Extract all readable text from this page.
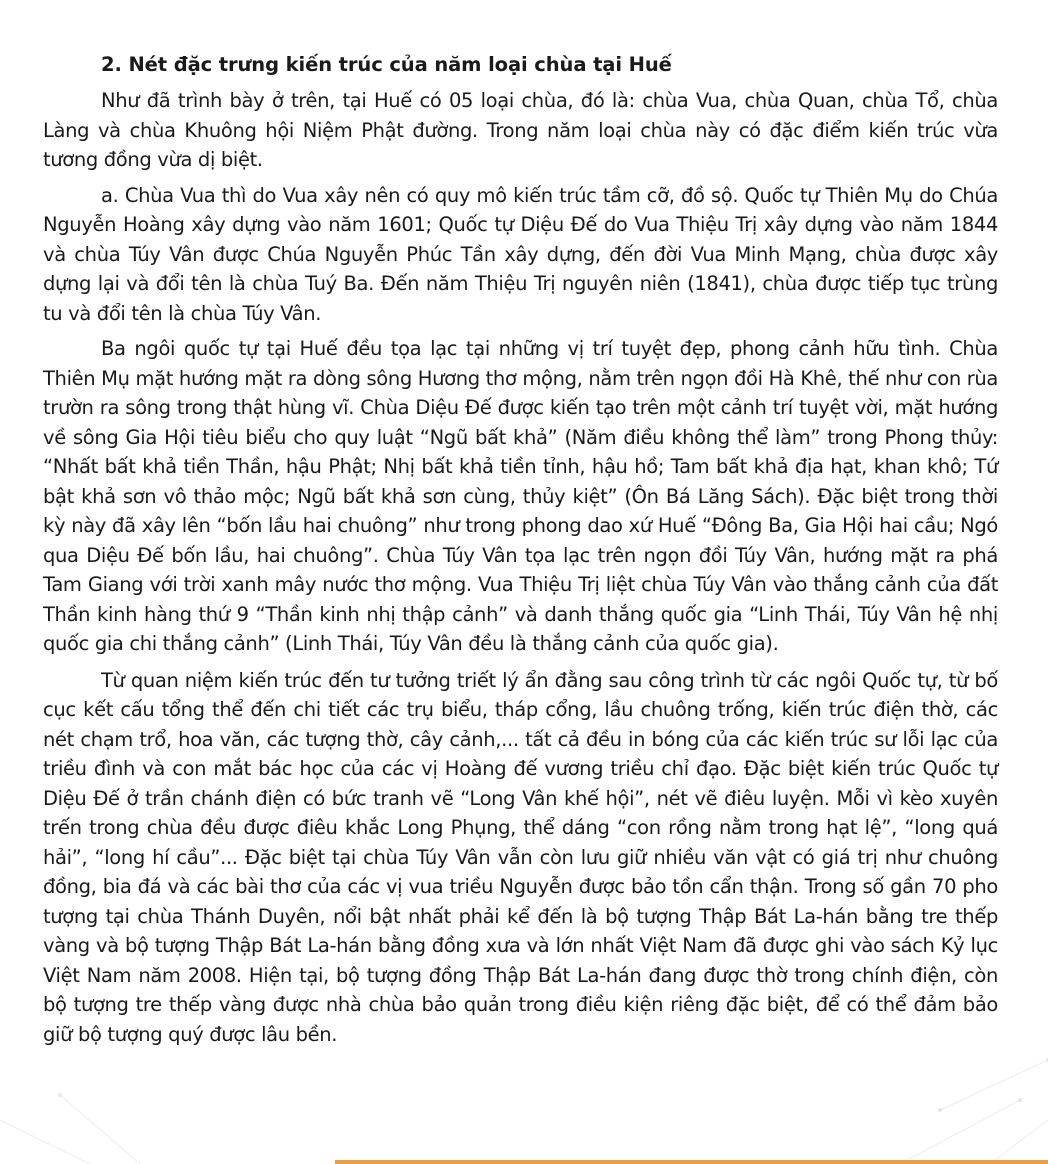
2. Nét đặc trưng kiến trúc của năm loại chùa tại Huế

Như đã trình bày ở trên, tại Huế có 05 loại chùa, đó là: chùa Vua, chùa Quan, chùa Tổ, chùa Làng và chùa Khuông hội Niệm Phật đường. Trong năm loại chùa này có đặc điểm kiến trúc vừa tương đồng vừa dị biệt.

a. Chùa Vua thì do Vua xây nên có quy mô kiến trúc tầm cỡ, đồ sộ. Quốc tự Thiên Mụ do Chúa Nguyễn Hoàng xây dựng vào năm 1601; Quốc tự Diệu Đế do Vua Thiệu Trị xây dựng vào năm 1844 và chùa Túy Vân được Chúa Nguyễn Phúc Tần xây dựng, đến đời Vua Minh Mạng, chùa được xây dựng lại và đổi tên là chùa Tuý Ba. Đến năm Thiệu Trị nguyên niên (1841), chùa được tiếp tục trùng tu và đổi tên là chùa Túy Vân.

Ba ngôi quốc tự tại Huế đều tọa lạc tại những vị trí tuyệt đẹp, phong cảnh hữu tình. Chùa Thiên Mụ mặt hướng mặt ra dòng sông Hương thơ mộng, nằm trên ngọn đồi Hà Khê, thế như con rùa trườn ra sông trong thật hùng vĩ. Chùa Diệu Đế được kiến tạo trên một cảnh trí tuyệt vời, mặt hướng về sông Gia Hội tiêu biểu cho quy luật “Ngũ bất khả” (Năm điều không thể làm” trong Phong thủy: “Nhất bất khả tiền Thần, hậu Phật; Nhị bất khả tiền tỉnh, hậu hồ; Tam bất khả địa hạt, khan khô; Tứ bật khả sơn vô thảo mộc; Ngũ bất khả sơn cùng, thủy kiệt” (Ôn Bá Lăng Sách). Đặc biệt trong thời kỳ này đã xây lên “bốn lầu hai chuông” như trong phong dao xứ Huế “Đông Ba, Gia Hội hai cầu; Ngó qua Diệu Đế bốn lầu, hai chuông”. Chùa Túy Vân tọa lạc trên ngọn đồi Túy Vân, hướng mặt ra phá Tam Giang với trời xanh mây nước thơ mộng. Vua Thiệu Trị liệt chùa Túy Vân vào thắng cảnh của đất Thần kinh hàng thứ 9 “Thần kinh nhị thập cảnh” và danh thắng quốc gia “Linh Thái, Túy Vân hệ nhị quốc gia chi thắng cảnh” (Linh Thái, Túy Vân đều là thắng cảnh của quốc gia).

Từ quan niệm kiến trúc đến tư tưởng triết lý ẩn đằng sau công trình từ các ngôi Quốc tự, từ bố cục kết cấu tổng thể đến chi tiết các trụ biểu, tháp cổng, lầu chuông trống, kiến trúc điện thờ, các nét chạm trổ, hoa văn, các tượng thờ, cây cảnh,... tất cả đều in bóng của các kiến trúc sư lỗi lạc của triều đình và con mắt bác học của các vị Hoàng đế vương triều chỉ đạo. Đặc biệt kiến trúc Quốc tự Diệu Đế ở trần chánh điện có bức tranh vẽ “Long Vân khế hội”, nét vẽ điêu luyện. Mỗi vì kèo xuyên trến trong chùa đều được điêu khắc Long Phụng, thể dáng “con rồng nằm trong hạt lệ”, “long quá hải”, “long hí cầu”... Đặc biệt tại chùa Túy Vân vẫn còn lưu giữ nhiều văn vật có giá trị như chuông đồng, bia đá và các bài thơ của các vị vua triều Nguyễn được bảo tồn cẩn thận. Trong số gần 70 pho tượng tại chùa Thánh Duyên, nổi bật nhất phải kể đến là bộ tượng Thập Bát La-hán bằng tre thếp vàng và bộ tượng Thập Bát La-hán bằng đồng xưa và lớn nhất Việt Nam đã được ghi vào sách Kỷ lục Việt Nam năm 2008. Hiện tại, bộ tượng đồng Thập Bát La-hán đang được thờ trong chính điện, còn bộ tượng tre thếp vàng được nhà chùa bảo quản trong điều kiện riêng đặc biệt, để có thể đảm bảo giữ bộ tượng quý được lâu bền.
